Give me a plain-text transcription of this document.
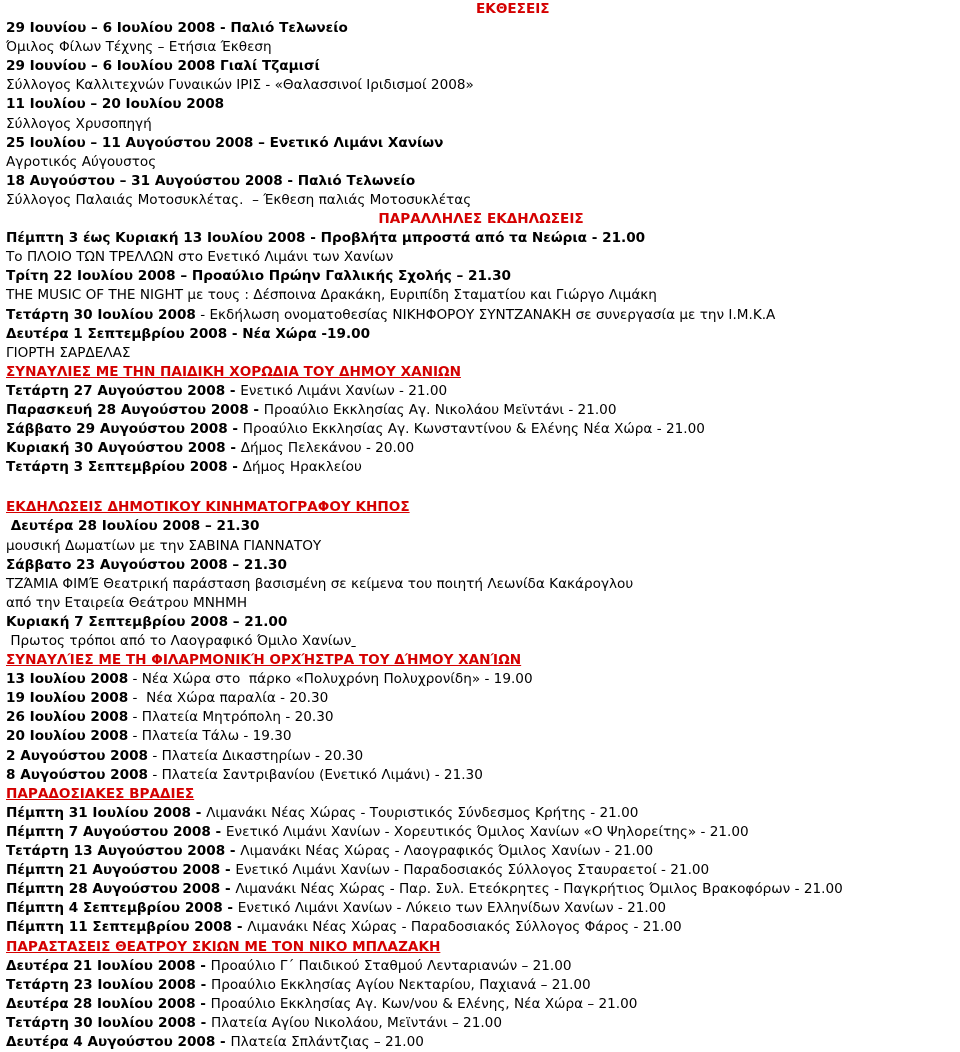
ΕΚΘΕΣΕΙΣ
29 Ιουνίου – 6 Ιουλίου 2008 - Παλιό Τελωνείο
Όμιλος Φίλων Τέχνης – Ετήσια Έκθεση
29 Ιουνίου – 6 Ιουλίου 2008 Γιαλί Τζαμισί
Σύλλογος Καλλιτεχνών Γυναικών ΙΡΙΣ - «Θαλασσινοί Ιριδισμοί 2008»
11 Ιουλίου – 20 Ιουλίου 2008
Σύλλογος Χρυσοπηγή
25 Ιουλίου – 11 Αυγούστου 2008 – Ενετικό Λιμάνι Χανίων
Αγροτικός Αύγουστος
18 Αυγούστου – 31 Αυγούστου 2008 - Παλιό Τελωνείο
Σύλλογος Παλαιάς Μοτοσυκλέτας.  – Έκθεση παλιάς Μοτοσυκλέτας
ΠΑΡΑΛΛΗΛΕΣ ΕΚΔΗΛΩΣΕΙΣ
Πέμπτη 3 έως Κυριακή 13 Ιουλίου 2008 - Προβλήτα μπροστά από τα Νεώρια - 21.00
Το ΠΛΟΙΟ ΤΩΝ ΤΡΕΛΛΩΝ στο Ενετικό Λιμάνι των Χανίων
Τρίτη 22 Ιουλίου 2008 – Προαύλιο Πρώην Γαλλικής Σχολής – 21.30
THE MUSIC OF THE NIGHT με τους : Δέσποινα Δρακάκη, Ευριπίδη Σταματίου και Γιώργο Λιμάκη
Τετάρτη 30 Ιουλίου 2008 - Εκδήλωση ονοματοθεσίας ΝΙΚΗΦΟΡΟΥ ΣΥΝΤΖΑΝΑΚΗ σε συνεργασία με την Ι.Μ.Κ.Α
Δευτέρα 1 Σεπτεμβρίου 2008 - Νέα Χώρα -19.00
ΓΙΟΡΤΗ ΣΑΡΔΕΛΑΣ
ΣΥΝΑΥΛΙΕΣ ΜΕ ΤΗΝ ΠΑΙΔΙΚΗ ΧΟΡΩΔΙΑ ΤΟΥ ΔΗΜΟΥ ΧΑΝΙΩΝ
Τετάρτη 27 Αυγούστου 2008 - Ενετικό Λιμάνι Χανίων - 21.00
Παρασκευή 28 Αυγούστου 2008 - Προαύλιο Εκκλησίας Αγ. Νικολάου Μεϊντάνι - 21.00
Σάββατο 29 Αυγούστου 2008 - Προαύλιο Εκκλησίας Αγ. Κωνσταντίνου & Ελένης Νέα Χώρα - 21.00
Κυριακή 30 Αυγούστου 2008 - Δήμος Πελεκάνου - 20.00
Τετάρτη 3 Σεπτεμβρίου 2008 - Δήμος Ηρακλείου
ΕΚΔΗΛΩΣΕΙΣ ΔΗΜΟΤΙΚΟΥ ΚΙΝΗΜΑΤΟΓΡΑΦΟΥ ΚΗΠΟΣ
Δευτέρα 28 Ιουλίου 2008 – 21.30
μουσική Δωματίων με την ΣΑΒΙΝΑ ΓΙΑΝΝΑΤΟΥ
Σάββατο 23 Αυγούστου 2008 – 21.30
ΤΖΆΜΙΑ ΦΙΜΈ Θεατρική παράσταση βασισμένη σε κείμενα του ποιητή Λεωνίδα Κακάρογλου
από την Εταιρεία Θεάτρου ΜΝΗΜΗ
Κυριακή 7 Σεπτεμβρίου 2008 – 21.00
Πρωτος τρόποι από το Λαογραφικό Όμιλο Χανίων
ΣΥΝΑΥΛΊΕΣ ΜΕ ΤΗ ΦΙΛΑΡΜΟΝΙΚΉ ΟΡΧΉΣΤΡΑ ΤΟΥ ΔΉΜΟΥ ΧΑΝΊΩΝ
13 Ιουλίου 2008 - Νέα Χώρα στο  πάρκο «Πολυχρόνη Πολυχρονίδη» - 19.00
19 Ιουλίου 2008 -  Νέα Χώρα παραλία - 20.30
26 Ιουλίου 2008 - Πλατεία Μητρόπολη - 20.30
20 Ιουλίου 2008 - Πλατεία Τάλω - 19.30
2 Αυγούστου 2008 - Πλατεία Δικαστηρίων - 20.30
8 Αυγούστου 2008 - Πλατεία Σαντριβανίου (Ενετικό Λιμάνι) - 21.30
ΠΑΡΑΔΟΣΙΑΚΕΣ ΒΡΑΔΙΕΣ
Πέμπτη 31 Ιουλίου 2008 - Λιμανάκι Νέας Χώρας - Τουριστικός Σύνδεσμος Κρήτης - 21.00
Πέμπτη 7 Αυγούστου 2008 - Ενετικό Λιμάνι Χανίων - Χορευτικός Όμιλος Χανίων «Ο Ψηλορείτης» - 21.00
Τετάρτη 13 Αυγούστου 2008 - Λιμανάκι Νέας Χώρας - Λαογραφικός Όμιλος Χανίων - 21.00
Πέμπτη 21 Αυγούστου 2008 - Ενετικό Λιμάνι Χανίων - Παραδοσιακός Σύλλογος Σταυραετοί - 21.00
Πέμπτη 28 Αυγούστου 2008 - Λιμανάκι Νέας Χώρας - Παρ. Συλ. Ετεόκρητες - Παγκρήτιος Όμιλος Βρακοφόρων - 21.00
Πέμπτη 4 Σεπτεμβρίου 2008 - Ενετικό Λιμάνι Χανίων - Λύκειο των Ελληνίδων Χανίων - 21.00
Πέμπτη 11 Σεπτεμβρίου 2008 - Λιμανάκι Νέας Χώρας - Παραδοσιακός Σύλλογος Φάρος - 21.00
ΠΑΡΑΣΤΑΣΕΙΣ ΘΕΑΤΡΟΥ ΣΚΙΩΝ ΜΕ ΤΟΝ ΝΙΚΟ ΜΠΛΑΖΑΚΗ
Δευτέρα 21 Ιουλίου 2008 - Προαύλιο Γ΄ Παιδικού Σταθμού Λενταριανών – 21.00
Τετάρτη 23 Ιουλίου 2008 - Προαύλιο Εκκλησίας Αγίου Νεκταρίου, Παχιανά – 21.00
Δευτέρα 28 Ιουλίου 2008 - Προαύλιο Εκκλησίας Αγ. Κων/νου & Ελένης, Νέα Χώρα – 21.00
Τετάρτη 30 Ιουλίου 2008 - Πλατεία Αγίου Νικολάου, Μεϊντάνι – 21.00
Δευτέρα 4 Αυγούστου 2008 - Πλατεία Σπλάντζιας – 21.00
